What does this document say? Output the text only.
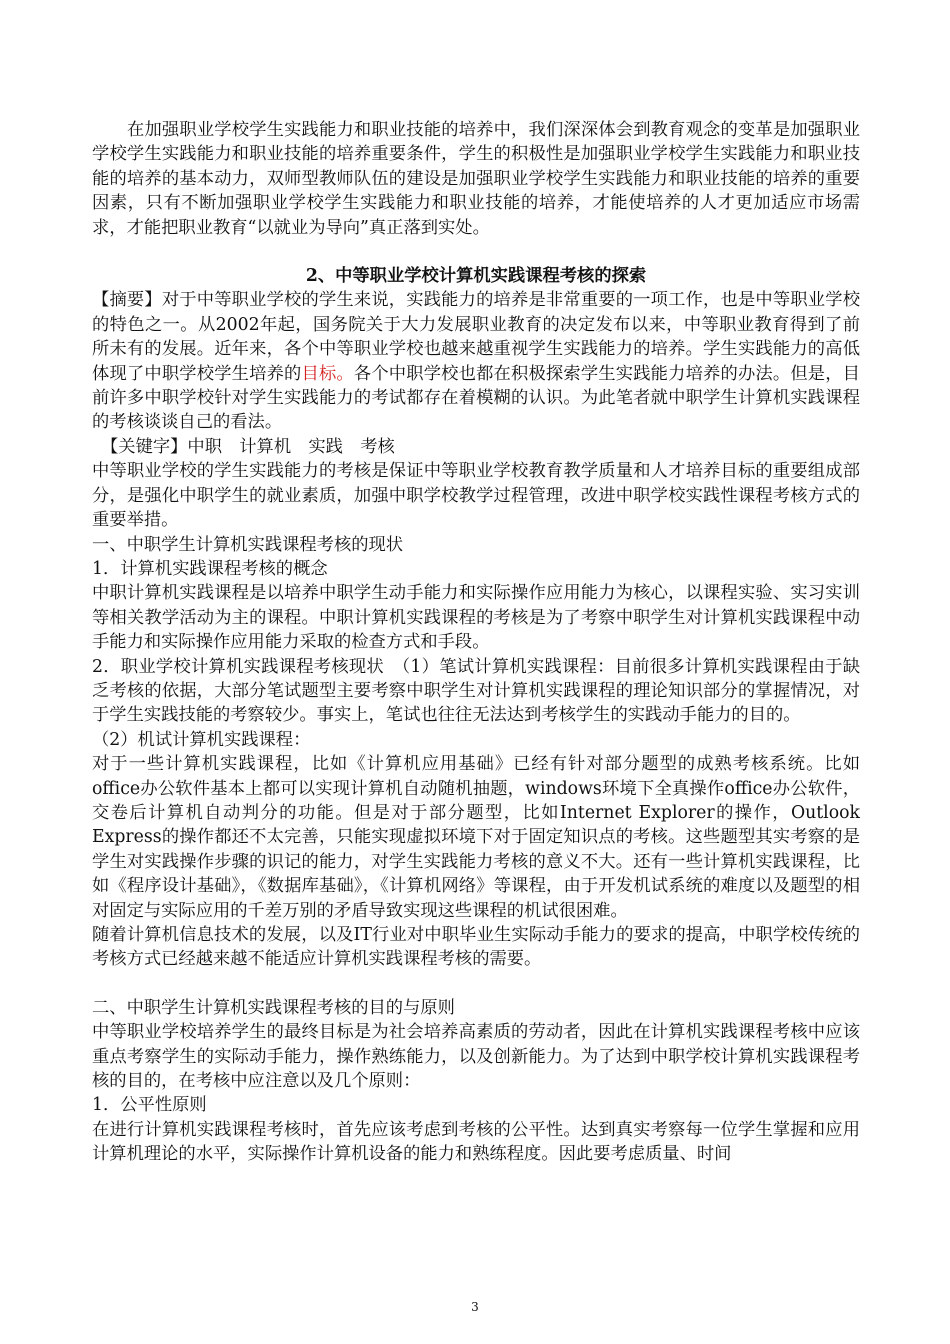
在加强职业学校学生实践能力和职业技能的培养中，我们深深体会到教育观念的变革是加强职业学校学生实践能力和职业技能的培养重要条件，学生的积极性是加强职业学校学生实践能力和职业技能的培养的基本动力，双师型教师队伍的建设是加强职业学校学生实践能力和职业技能的培养的重要因素，只有不断加强职业学校学生实践能力和职业技能的培养，才能使培养的人才更加适应市场需求，才能把职业教育“以就业为导向”真正落到实处。

2、中等职业学校计算机实践课程考核的探索

【摘要】对于中等职业学校的学生来说，实践能力的培养是非常重要的一项工作，也是中等职业学校的特色之一。从2002年起，国务院关于大力发展职业教育的决定发布以来，中等职业教育得到了前所未有的发展。近年来，各个中等职业学校也越来越重视学生实践能力的培养。学生实践能力的高低体现了中职学校学生培养的目标。各个中职学校也都在积极探索学生实践能力培养的办法。但是，目前许多中职学校针对学生实践能力的考试都存在着模糊的认识。为此笔者就中职学生计算机实践课程的考核谈谈自己的看法。

【关键字】中职　计算机　实践　考核

中等职业学校的学生实践能力的考核是保证中等职业学校教育教学质量和人才培养目标的重要组成部分，是强化中职学生的就业素质，加强中职学校教学过程管理，改进中职学校实践性课程考核方式的重要举措。

一、中职学生计算机实践课程考核的现状

1．计算机实践课程考核的概念

中职计算机实践课程是以培养中职学生动手能力和实际操作应用能力为核心，以课程实验、实习实训等相关教学活动为主的课程。中职计算机实践课程的考核是为了考察中职学生对计算机实践课程中动手能力和实际操作应用能力采取的检查方式和手段。

2．职业学校计算机实践课程考核现状　（1）笔试计算机实践课程：目前很多计算机实践课程由于缺乏考核的依据，大部分笔试题型主要考察中职学生对计算机实践课程的理论知识部分的掌握情况，对于学生实践技能的考察较少。事实上，笔试也往往无法达到考核学生的实践动手能力的目的。

（2）机试计算机实践课程：

对于一些计算机实践课程，比如《计算机应用基础》已经有针对部分题型的成熟考核系统。比如office办公软件基本上都可以实现计算机自动随机抽题，windows环境下全真操作office办公软件，交卷后计算机自动判分的功能。但是对于部分题型，比如Internet Explorer的操作，Outlook Express的操作都还不太完善，只能实现虚拟环境下对于固定知识点的考核。这些题型其实考察的是学生对实践操作步骤的识记的能力，对学生实践能力考核的意义不大。还有一些计算机实践课程，比如《程序设计基础》，《数据库基础》，《计算机网络》等课程，由于开发机试系统的难度以及题型的相对固定与实际应用的千差万别的矛盾导致实现这些课程的机试很困难。

随着计算机信息技术的发展，以及IT行业对中职毕业生实际动手能力的要求的提高，中职学校传统的考核方式已经越来越不能适应计算机实践课程考核的需要。

二、中职学生计算机实践课程考核的目的与原则

中等职业学校培养学生的最终目标是为社会培养高素质的劳动者，因此在计算机实践课程考核中应该重点考察学生的实际动手能力，操作熟练能力，以及创新能力。为了达到中职学校计算机实践课程考核的目的，在考核中应注意以及几个原则：

1．公平性原则

在进行计算机实践课程考核时，首先应该考虑到考核的公平性。达到真实考察每一位学生掌握和应用计算机理论的水平，实际操作计算机设备的能力和熟练程度。因此要考虑质量、时间

3
